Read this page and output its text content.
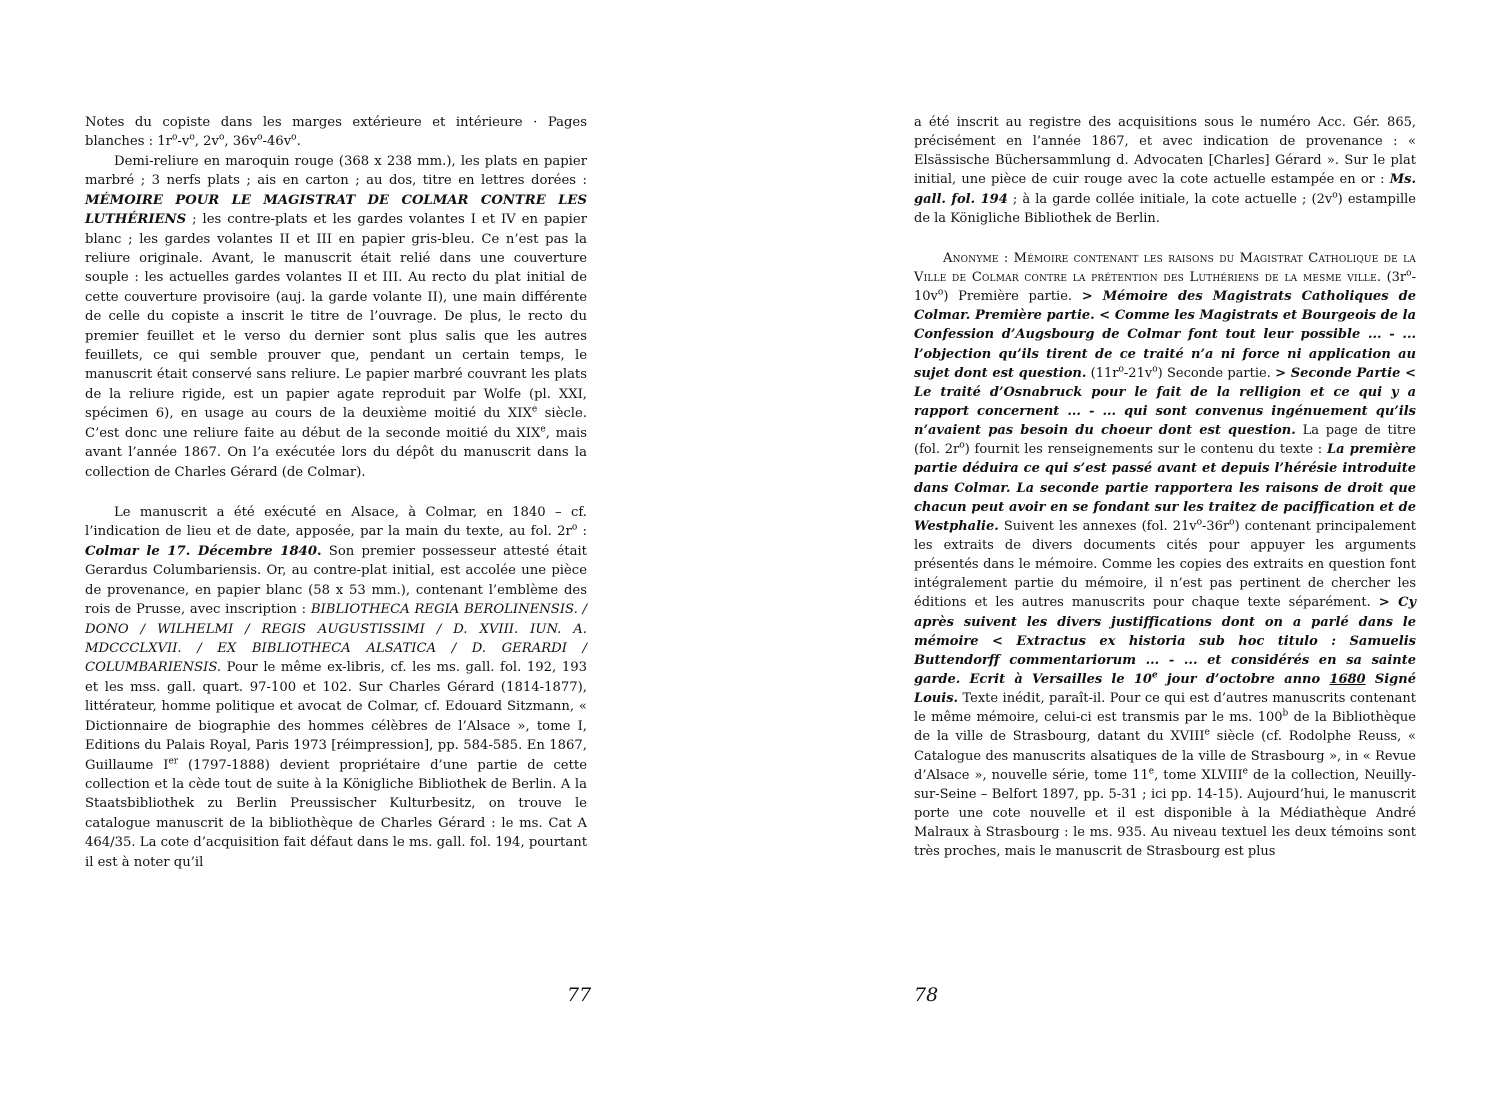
Notes du copiste dans les marges extérieure et intérieure · Pages blanches : $1r^o-v^o$, $2v^o$, $36v^o-46v^o$.

Demi-reliure en maroquin rouge (368 x 238 mm.), les plats en papier marbré ; 3 nerfs plats ; ais en carton ; au dos, titre en lettres dorées : MÉMOIRE POUR LE MAGISTRAT DE COLMAR CONTRE LES LUTHÉRIENS ; les contre-plats et les gardes volantes I et IV en papier blanc ; les gardes volantes II et III en papier gris-bleu. Ce n’est pas la reliure originale. Avant, le manuscrit était relié dans une couverture souple : les actuelles gardes volantes II et III. Au recto du plat initial de cette couverture provisoire (auj. la garde volante II), une main différente de celle du copiste a inscrit le titre de l’ouvrage. De plus, le recto du premier feuillet et le verso du dernier sont plus salis que les autres feuillets, ce qui semble prouver que, pendant un certain temps, le manuscrit était conservé sans reliure. Le papier marbré couvrant les plats de la reliure rigide, est un papier agate reproduit par Wolfe (pl. XXI, spécimen 6), en usage au cours de la deuxième moitié du XIXe siècle. C’est donc une reliure faite au début de la seconde moitié du XIXe, mais avant l’année 1867. On l’a exécutée lors du dépôt du manuscrit dans la collection de Charles Gérard (de Colmar).

Le manuscrit a été exécuté en Alsace, à Colmar, en 1840 – cf. l’indication de lieu et de date, apposée, par la main du texte, au fol. $2r^o$ : Colmar le 17. Décembre 1840. Son premier possesseur attesté était Gerardus Columbariensis. Or, au contre-plat initial, est accolée une pièce de provenance, en papier blanc (58 x 53 mm.), contenant l’emblème des rois de Prusse, avec inscription : BIBLIOTHECA REGIA BEROLINENSIS. / DONO / WILHELMI / REGIS AUGUSTISSIMI / D. XVIII. IUN. A. MDCCCLXVII. / EX BIBLIOTHECA ALSATICA / D. GERARDI / COLUMBARIENSIS. Pour le même ex-libris, cf. les ms. gall. fol. 192, 193 et les mss. gall. quart. 97-100 et 102. Sur Charles Gérard (1814-1877), littérateur, homme politique et avocat de Colmar, cf. Edouard Sitzmann, « Dictionnaire de biographie des hommes célèbres de l’Alsace », tome I, Editions du Palais Royal, Paris 1973 [réimpression], pp. 584-585. En 1867, Guillaume Ier (1797-1888) devient propriétaire d’une partie de cette collection et la cède tout de suite à la Königliche Bibliothek de Berlin. A la Staatsbibliothek zu Berlin Preussischer Kulturbesitz, on trouve le catalogue manuscrit de la bibliothèque de Charles Gérard : le ms. Cat A 464/35. La cote d’acquisition fait défaut dans le ms. gall. fol. 194, pourtant il est à noter qu’il

a été inscrit au registre des acquisitions sous le numéro Acc. Gér. 865, précisément en l’année 1867, et avec indication de provenance : « Elsässische Büchersammlung d. Advocaten [Charles] Gérard ». Sur le plat initial, une pièce de cuir rouge avec la cote actuelle estampée en or : Ms. gall. fol. 194 ; à la garde collée initiale, la cote actuelle ; $(2v^o)$ estampille de la Königliche Bibliothek de Berlin.

Anonyme : Mémoire contenant les raisons du Magistrat Catholique de la Ville de Colmar contre la prétention des Luthériens de la mesme ville. $(3r^o-10v^o)$ Première partie. > Mémoire des Magistrats Catholiques de Colmar. Première partie. < Comme les Magistrats et Bourgeois de la Confession d’Augsbourg de Colmar font tout leur possible ... - ... l’objection qu’ils tirent de ce traité n’a ni force ni application au sujet dont est question. $(11r^o-21v^o)$ Seconde partie. > Seconde Partie < Le traité d’Osnabruck pour le fait de la relligion et ce qui y a rapport concernent ... - ... qui sont convenus ingénuement qu’ils n’avaient pas besoin du choeur dont est question. La page de titre (fol. $2r^o$) fournit les renseignements sur le contenu du texte : La première partie déduira ce qui s’est passé avant et depuis l’hérésie introduite dans Colmar. La seconde partie rapportera les raisons de droit que chacun peut avoir en se fondant sur les traitez de paciffication et de Westphalie. Suivent les annexes (fol. $21v^o-36r^o$) contenant principalement les extraits de divers documents cités pour appuyer les arguments présentés dans le mémoire. Comme les copies des extraits en question font intégralement partie du mémoire, il n’est pas pertinent de chercher les éditions et les autres manuscrits pour chaque texte séparément. > Cy après suivent les divers justiffications dont on a parlé dans le mémoire < Extractus ex historia sub hoc titulo : Samuelis Buttendorff commentariorum ... - ... et considérés en sa sainte garde. Ecrit à Versailles le 10e jour d’octobre anno 1680 Signé Louis. Texte inédit, paraît-il. Pour ce qui est d’autres manuscrits contenant le même mémoire, celui-ci est transmis par le ms. 100$^b$ de la Bibliothèque de la ville de Strasbourg, datant du XVIIIe siècle (cf. Rodolphe Reuss, « Catalogue des manuscrits alsatiques de la ville de Strasbourg », in « Revue d’Alsace », nouvelle série, tome 11e, tome XLVIIIe de la collection, Neuilly-sur-Seine – Belfort 1897, pp. 5-31 ; ici pp. 14-15). Aujourd’hui, le manuscrit porte une cote nouvelle et il est disponible à la Médiathèque André Malraux à Strasbourg : le ms. 935. Au niveau textuel les deux témoins sont très proches, mais le manuscrit de Strasbourg est plus

77	78
